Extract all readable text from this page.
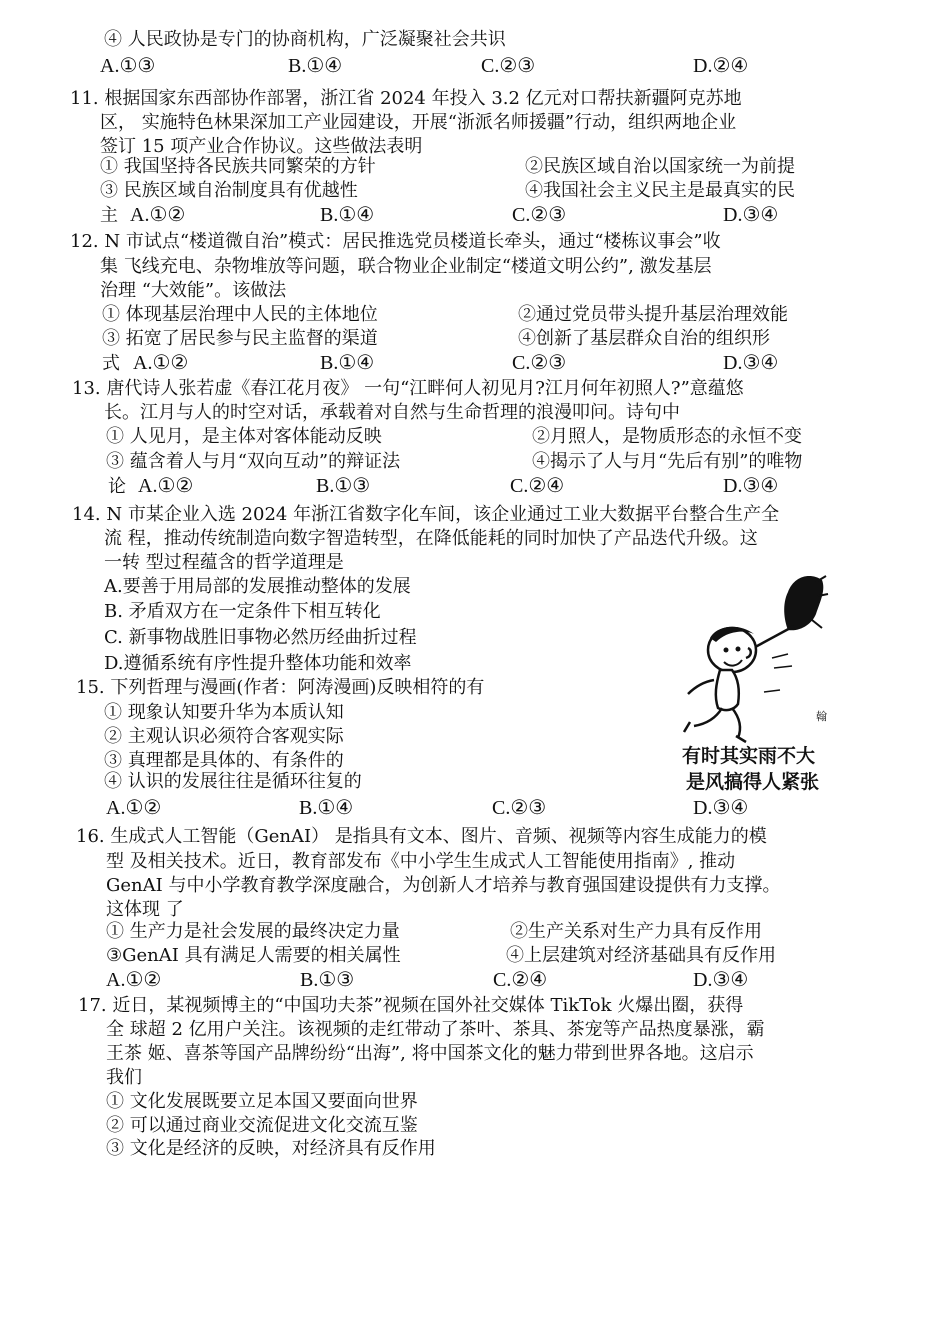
④ 人民政协是专门的协商机构，广泛凝聚社会共识
A.①③	B.①④	C.②③	D.②④
11. 根据国家东西部协作部署，浙江省 2024 年投入 3.2 亿元对口帮扶新疆阿克苏地
区， 实施特色林果深加工产业园建设，开展“浙派名师援疆”行动，组织两地企业
签订 15 项产业合作协议。这些做法表明
① 我国坚持各民族共同繁荣的方针	②民族区域自治以国家统一为前提
③ 民族区域自治制度具有优越性	④我国社会主义民主是最真实的民
主 A.①②	B.①④	C.②③	D.③④
12. N 市试点“楼道微自治”模式：居民推选党员楼道长牵头，通过“楼栋议事会”收
集 飞线充电、杂物堆放等问题，联合物业企业制定“楼道文明公约”, 激发基层
治理 “大效能”。该做法
① 体现基层治理中人民的主体地位	②通过党员带头提升基层治理效能
③ 拓宽了居民参与民主监督的渠道	④创新了基层群众自治的组织形
式 A.①②	B.①④	C.②③	D.③④
13. 唐代诗人张若虚《春江花月夜》 一句“江畔何人初见月?江月何年初照人?”意蕴悠
长。江月与人的时空对话，承载着对自然与生命哲理的浪漫叩问。诗句中
① 人见月，是主体对客体能动反映	②月照人，是物质形态的永恒不变
③ 蕴含着人与月“双向互动”的辩证法	④揭示了人与月“先后有别”的唯物
论 A.①②	B.①③	C.②④	D.③④
14. N 市某企业入选 2024 年浙江省数字化车间，该企业通过工业大数据平台整合生产全
流 程，推动传统制造向数字智造转型，在降低能耗的同时加快了产品迭代升级。这
一转 型过程蕴含的哲学道理是
A.要善于用局部的发展推动整体的发展
B. 矛盾双方在一定条件下相互转化
C. 新事物战胜旧事物必然历经曲折过程
D.遵循系统有序性提升整体功能和效率
15. 下列哲理与漫画(作者：阿涛漫画)反映相符的有
① 现象认知要升华为本质认知
② 主观认识必须符合客观实际
③ 真理都是具体的、有条件的
④ 认识的发展往往是循环往复的
A.①②	B.①④	C.②③	D.③④
翰
有时其实雨不大
是风搞得人紧张
16. 生成式人工智能（GenAI） 是指具有文本、图片、音频、视频等内容生成能力的模
型 及相关技术。近日，教育部发布《中小学生生成式人工智能使用指南》, 推动
GenAI 与中小学教育教学深度融合，为创新人才培养与教育强国建设提供有力支撑。
这体现 了
① 生产力是社会发展的最终决定力量	②生产关系对生产力具有反作用
③GenAI 具有满足人需要的相关属性	④上层建筑对经济基础具有反作用
A.①②	B.①③	C.②④	D.③④
17. 近日，某视频博主的“中国功夫茶”视频在国外社交媒体 TikTok 火爆出圈，获得
全 球超 2 亿用户关注。该视频的走红带动了茶叶、茶具、茶宠等产品热度暴涨，霸
王茶 姬、喜茶等国产品牌纷纷“出海”, 将中国茶文化的魅力带到世界各地。这启示
我们
① 文化发展既要立足本国又要面向世界
② 可以通过商业交流促进文化交流互鉴
③ 文化是经济的反映，对经济具有反作用
